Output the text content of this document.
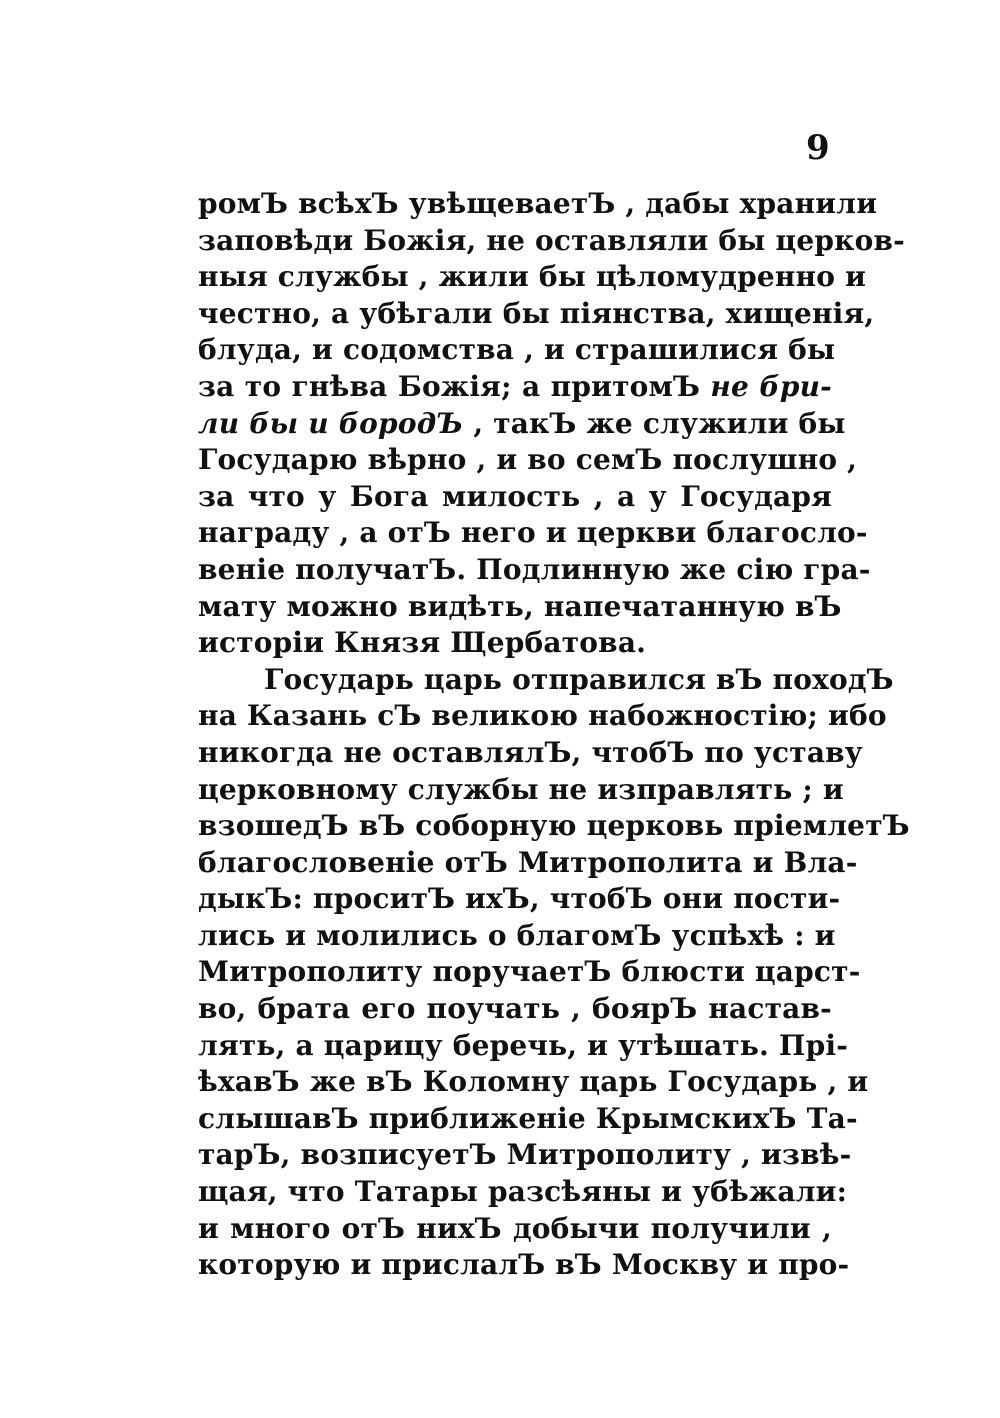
9
ромЪ всѣхЪ увѣщеваетЪ , дабы хранили
заповѣди Божія, не оставляли бы церков-
ныя службы , жили бы цѣломудренно и
честно, а убѣгали бы піянства, хищенія,
блуда, и содомства , и страшилися бы
за то гнѣва Божія; а притомЪ не бри-
ли бы и бородЪ , такЪ же служили бы
Государю вѣрно , и во семЪ послушно ,
за что у Бога милость , а у Государя
награду , а отЪ него и церкви благосло-
веніе получатЪ. Подлинную же сію гра-
мату можно видѣть, напечатанную вЪ
исторіи Князя Щербатова.
Государь царь отправился вЪ походЪ
на Казань сЪ великою набожностію; ибо
никогда не оставлялЪ, чтобЪ по уставу
церковному службы не изправлять ; и
взошедЪ вЪ соборную церковь пріемлетЪ
благословеніе отЪ Митрополита и Вла-
дыкЪ: проситЪ ихЪ, чтобЪ они пости-
лись и молились о благомЪ успѣхѣ : и
Митрополиту поручаетЪ блюсти царст-
во, брата его поучать , боярЪ настав-
лять, а царицу беречь, и утѣшать. Прі-
ѣхавЪ же вЪ Коломну царь Государь , и
слышавЪ приближеніе КрымскихЪ Та-
тарЪ, возписуетЪ Митрополиту , извѣ-
щая, что Татары разсѣяны и убѣжали:
и много отЪ нихЪ добычи получили ,
которую и прислалЪ вЪ Москву и про-
